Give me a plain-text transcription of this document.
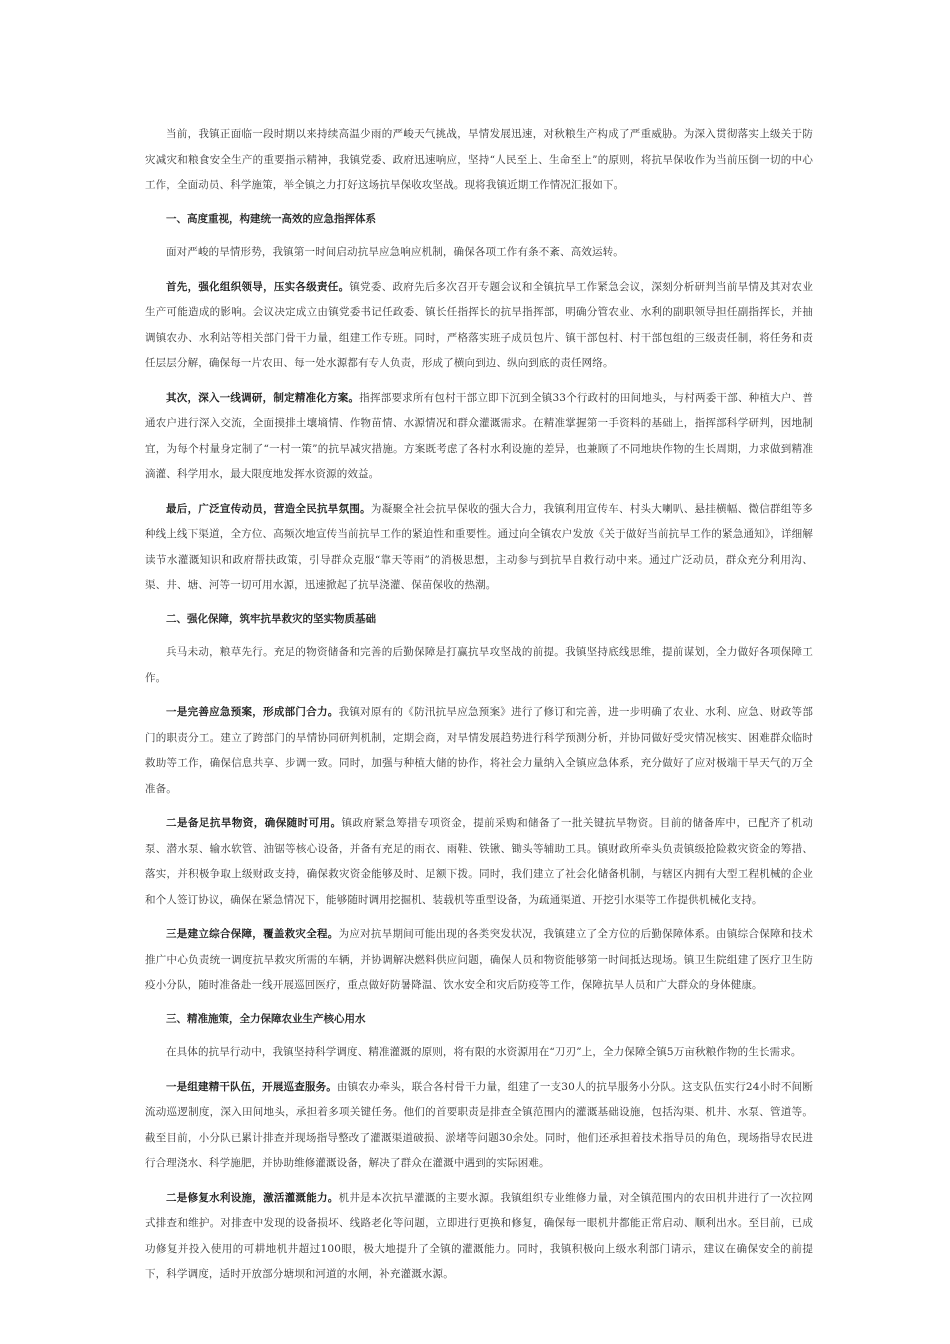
当前，我镇正面临一段时期以来持续高温少雨的严峻天气挑战，旱情发展迅速，对秋粮生产构成了严重威胁。为深入贯彻落实上级关于防灾减灾和粮食安全生产的重要指示精神，我镇党委、政府迅速响应，坚持“人民至上、生命至上”的原则，将抗旱保收作为当前压倒一切的中心工作，全面动员、科学施策，举全镇之力打好这场抗旱保收攻坚战。现将我镇近期工作情况汇报如下。

一、高度重视，构建统一高效的应急指挥体系

面对严峻的旱情形势，我镇第一时间启动抗旱应急响应机制，确保各项工作有条不紊、高效运转。

首先，强化组织领导，压实各级责任。镇党委、政府先后多次召开专题会议和全镇抗旱工作紧急会议，深刻分析研判当前旱情及其对农业生产可能造成的影响。会议决定成立由镇党委书记任政委、镇长任指挥长的抗旱指挥部，明确分管农业、水利的副职领导担任副指挥长，并抽调镇农办、水利站等相关部门骨干力量，组建工作专班。同时，严格落实班子成员包片、镇干部包村、村干部包组的三级责任制，将任务和责任层层分解，确保每一片农田、每一处水源都有专人负责，形成了横向到边、纵向到底的责任网络。

其次，深入一线调研，制定精准化方案。指挥部要求所有包村干部立即下沉到全镇33个行政村的田间地头，与村两委干部、种植大户、普通农户进行深入交流，全面摸排土壤墒情、作物苗情、水源情况和群众灌溉需求。在精准掌握第一手资料的基础上，指挥部科学研判，因地制宜，为每个村量身定制了“一村一策”的抗旱减灾措施。方案既考虑了各村水利设施的差异，也兼顾了不同地块作物的生长周期，力求做到精准滴灌、科学用水，最大限度地发挥水资源的效益。

最后，广泛宣传动员，营造全民抗旱氛围。为凝聚全社会抗旱保收的强大合力，我镇利用宣传车、村头大喇叭、悬挂横幅、微信群组等多种线上线下渠道，全方位、高频次地宣传当前抗旱工作的紧迫性和重要性。通过向全镇农户发放《关于做好当前抗旱工作的紧急通知》，详细解读节水灌溉知识和政府帮扶政策，引导群众克服“靠天等雨”的消极思想，主动参与到抗旱自救行动中来。通过广泛动员，群众充分利用沟、渠、井、塘、河等一切可用水源，迅速掀起了抗旱浇灌、保苗保收的热潮。

二、强化保障，筑牢抗旱救灾的坚实物质基础

兵马未动，粮草先行。充足的物资储备和完善的后勤保障是打赢抗旱攻坚战的前提。我镇坚持底线思维，提前谋划，全力做好各项保障工作。

一是完善应急预案，形成部门合力。我镇对原有的《防汛抗旱应急预案》进行了修订和完善，进一步明确了农业、水利、应急、财政等部门的职责分工。建立了跨部门的旱情协同研判机制，定期会商，对旱情发展趋势进行科学预测分析，并协同做好受灾情况核实、困难群众临时救助等工作，确保信息共享、步调一致。同时，加强与种植大储的协作，将社会力量纳入全镇应急体系，充分做好了应对极端干旱天气的万全准备。

二是备足抗旱物资，确保随时可用。镇政府紧急筹措专项资金，提前采购和储备了一批关键抗旱物资。目前的储备库中，已配齐了机动泵、潜水泵、输水软管、油锯等核心设备，并备有充足的雨衣、雨鞋、铁锹、锄头等辅助工具。镇财政所牵头负责镇级抢险救灾资金的筹措、落实，并积极争取上级财政支持，确保救灾资金能够及时、足额下拨。同时，我们建立了社会化储备机制，与辖区内拥有大型工程机械的企业和个人签订协议，确保在紧急情况下，能够随时调用挖掘机、装载机等重型设备，为疏通渠道、开挖引水渠等工作提供机械化支持。

三是建立综合保障，覆盖救灾全程。为应对抗旱期间可能出现的各类突发状况，我镇建立了全方位的后勤保障体系。由镇综合保障和技术推广中心负责统一调度抗旱救灾所需的车辆，并协调解决燃料供应问题，确保人员和物资能够第一时间抵达现场。镇卫生院组建了医疗卫生防疫小分队，随时准备赴一线开展巡回医疗，重点做好防暑降温、饮水安全和灾后防疫等工作，保障抗旱人员和广大群众的身体健康。

三、精准施策，全力保障农业生产核心用水

在具体的抗旱行动中，我镇坚持科学调度、精准灌溉的原则，将有限的水资源用在“刀刃”上，全力保障全镇5万亩秋粮作物的生长需求。

一是组建精干队伍，开展巡查服务。由镇农办牵头，联合各村骨干力量，组建了一支30人的抗旱服务小分队。这支队伍实行24小时不间断流动巡逻制度，深入田间地头，承担着多项关键任务。他们的首要职责是排查全镇范围内的灌溉基础设施，包括沟渠、机井、水泵、管道等。截至目前，小分队已累计排查并现场指导整改了灌溉渠道破损、淤堵等问题30余处。同时，他们还承担着技术指导员的角色，现场指导农民进行合理浇水、科学施肥，并协助维修灌溉设备，解决了群众在灌溉中遇到的实际困难。

二是修复水利设施，激活灌溉能力。机井是本次抗旱灌溉的主要水源。我镇组织专业维修力量，对全镇范围内的农田机井进行了一次拉网式排查和维护。对排查中发现的设备损坏、线路老化等问题，立即进行更换和修复，确保每一眼机井都能正常启动、顺利出水。至目前，已成功修复并投入使用的可耕地机井超过100眼，极大地提升了全镇的灌溉能力。同时，我镇积极向上级水利部门请示，建议在确保安全的前提下，科学调度，适时开放部分塘坝和河道的水闸，补充灌溉水源。
